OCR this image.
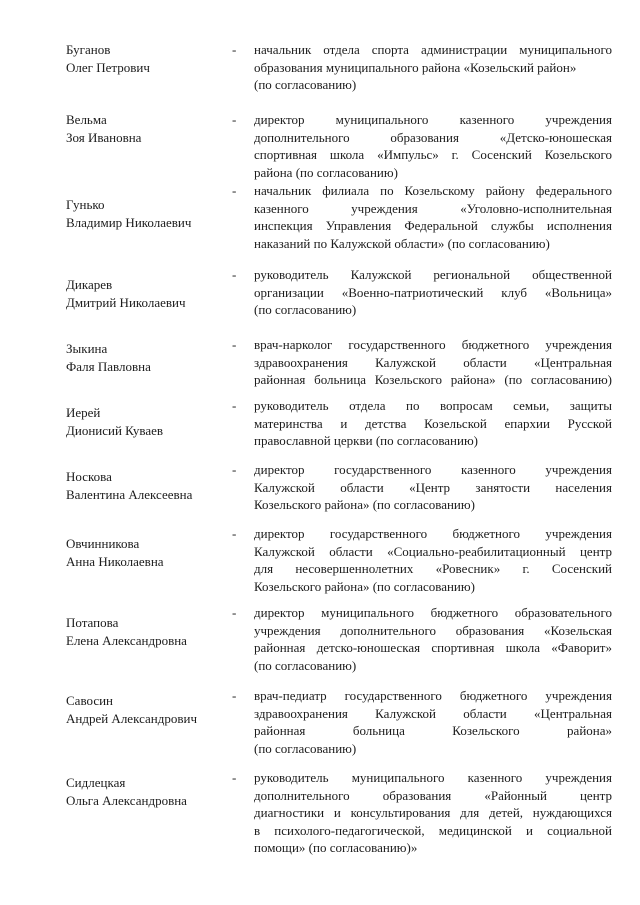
Буганов
Олег Петрович
- начальник отдела спорта администрации муниципального
образования муниципального района «Козельский район»
(по согласованию)
Вельма
Зоя Ивановна
- директор муниципального казенного учреждения
дополнительного образования «Детско-юношеская
спортивная школа «Импульс» г. Сосенский Козельского
района (по согласованию)
Гунько
Владимир Николаевич
- начальник филиала по Козельскому району федерального
казенного учреждения «Уголовно-исполнительная
инспекция Управления Федеральной службы исполнения
наказаний по Калужской области» (по согласованию)
Дикарев
Дмитрий Николаевич
- руководитель Калужской региональной общественной
организации «Военно-патриотический клуб «Вольница»
(по согласованию)
Зыкина
Фаля Павловна
- врач-нарколог государственного бюджетного учреждения
здравоохранения Калужской области «Центральная
районная больница Козельского района» (по согласованию)
Иерей
Дионисий Куваев
- руководитель отдела по вопросам семьи, защиты
материнства и детства Козельской епархии Русской
православной церкви (по согласованию)
Носкова
Валентина Алексеевна
- директор государственного казенного учреждения
Калужской области «Центр занятости населения
Козельского района» (по согласованию)
Овчинникова
Анна Николаевна
- директор государственного бюджетного учреждения
Калужской области «Социально-реабилитационный центр
для несовершеннолетних «Ровесник» г. Сосенский
Козельского района» (по согласованию)
Потапова
Елена Александровна
- директор муниципального бюджетного образовательного
учреждения дополнительного образования «Козельская
районная детско-юношеская спортивная школа «Фаворит»
(по согласованию)
Савосин
Андрей Александрович
- врач-педиатр государственного бюджетного учреждения
здравоохранения Калужской области «Центральная
районная больница Козельского района»
(по согласованию)
Сидлецкая
Ольга Александровна
- руководитель муниципального казенного учреждения
дополнительного образования «Районный центр
диагностики и консультирования для детей, нуждающихся
в психолого-педагогической, медицинской и социальной
помощи» (по согласованию)»
